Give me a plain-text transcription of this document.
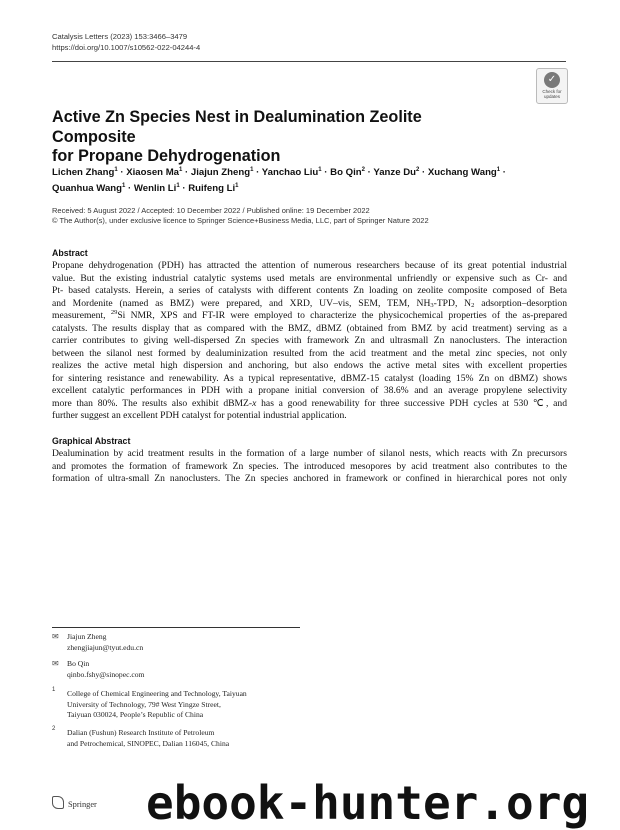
Catalysis Letters (2023) 153:3466–3479
https://doi.org/10.1007/s10562-022-04244-4
✓
Check for updates
Active Zn Species Nest in Dealumination Zeolite Composite
for Propane Dehydrogenation
Lichen Zhang$^1$ · Xiaosen $Ma^1$ · Jiajun Zheng$^1$ · Yanchao Liu$^1$ · Bo Qin$^2$ · Yanze $Du^2$ · Xuchang Wang$^1$ ·
Quanhua Wang$^1$ · Wenlin $Li^1$ · Ruifeng Li$^1$
Received: 5 August 2022 / Accepted: 10 December 2022 / Published online: 19 December 2022
© The Author(s), under exclusive licence to Springer Science+Business Media, LLC, part of Springer Nature 2022
Abstract
Propane dehydrogenation (PDH) has attracted the attention of numerous researchers because of its great potential industrial
value. But the existing industrial catalytic systems used metals are environmental unfriendly or expensive such as Cr- and
Pt- based catalysts. Herein, a series of catalysts with different contents Zn loading on zeolite composite composed of Beta
and Mordenite (named as BMZ) were prepared, and XRD, UV–vis, SEM, TEM, $NH_3$-TPD, $N_2$ adsorption–desorption
measurement, $^{29}$Si NMR, XPS and FT-IR were employed to characterize the physicochemical properties of the as-prepared
catalysts. The results display that as compared with the BMZ, dBMZ (obtained from BMZ by acid treatment) serving as a
carrier contributes to giving well-dispersed Zn species with framework Zn and ultrasmall Zn nanoclusters. The interaction
between the silanol nest formed by dealuminization resulted from the acid treatment and the metal zinc species, not only
realizes the active metal high dispersion and anchoring, but also endows the active metal sites with excellent properties
for sintering resistance and renewability. As a typical representative, dBMZ-15 catalyst (loading 15% Zn on dBMZ) shows
excellent catalytic performances in PDH with a propane initial conversion of 38.6% and an average propylene selectivity
more than 80%. The results also exhibit dBMZ-x has a good renewability for three successive PDH cycles at 530 ℃, and
further suggest an excellent PDH catalyst for potential industrial application.
Graphical Abstract
Dealumination by acid treatment results in the formation of a large number of silanol nests, which reacts with Zn precursors
and promotes the formation of framework Zn species. The introduced mesopores by acid treatment also contributes to the
formation of ultra-small Zn nanoclusters. The Zn species anchored in framework or confined in hierarchical pores not only
✉ Jiajun Zheng
zhengjiajun@tyut.edu.cn
✉ Bo Qin
qinbo.fshy@sinopec.com
1 College of Chemical Engineering and Technology, Taiyuan
University of Technology, 79# West Yingze Street,
Taiyuan 030024, People’s Republic of China
2 Dalian (Fushun) Research Institute of Petroleum
and Petrochemical, SINOPEC, Dalian 116045, China
Springer ebook-hunter.org
